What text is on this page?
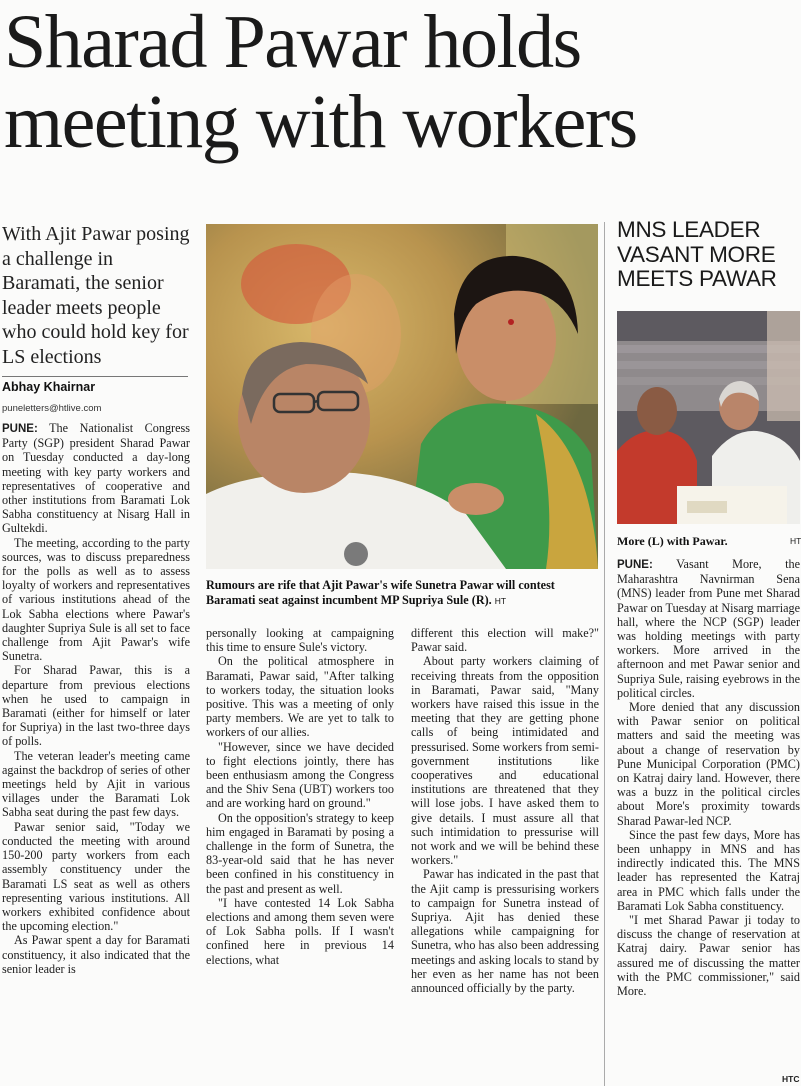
Sharad Pawar holds
meeting with workers
With Ajit Pawar posing a challenge in Baramati, the senior leader meets people who could hold key for LS elections
Abhay Khairnar
puneletters@htlive.com

PUNE: The Nationalist Congress Party (SGP) president Sharad Pawar on Tuesday conducted a day-long meeting with key party workers and representatives of cooperative and other institutions from Baramati Lok Sabha constituency at Nisarg Hall in Gultekdi.

The meeting, according to the party sources, was to discuss preparedness for the polls as well as to assess loyalty of workers and representatives of various institutions ahead of the Lok Sabha elections where Pawar's daughter Supriya Sule is all set to face challenge from Ajit Pawar's wife Sunetra.

For Sharad Pawar, this is a departure from previous elections when he used to campaign in Baramati (either for himself or later for Supriya) in the last two-three days of polls.

The veteran leader's meeting came against the backdrop of series of other meetings held by Ajit in various villages under the Baramati Lok Sabha seat during the past few days.

Pawar senior said, "Today we conducted the meeting with around 150-200 party workers from each assembly constituency under the Baramati LS seat as well as others representing various institutions. All workers exhibited confidence about the upcoming election."

As Pawar spent a day for Baramati constituency, it also indicated that the senior leader is

Rumours are rife that Ajit Pawar's wife Sunetra Pawar will contest Baramati seat against incumbent MP Supriya Sule (R). HT

personally looking at campaigning this time to ensure Sule's victory.

On the political atmosphere in Baramati, Pawar said, "After talking to workers today, the situation looks positive. This was a meeting of only party members. We are yet to talk to workers of our allies.

"However, since we have decided to fight elections jointly, there has been enthusiasm among the Congress and the Shiv Sena (UBT) workers too and are working hard on ground."

On the opposition's strategy to keep him engaged in Baramati by posing a challenge in the form of Sunetra, the 83-year-old said that he has never been confined in his constituency in the past and present as well.

"I have contested 14 Lok Sabha elections and among them seven were of Lok Sabha polls. If I wasn't confined here in previous 14 elections, what

different this election will make?" Pawar said.

About party workers claiming of receiving threats from the opposition in Baramati, Pawar said, "Many workers have raised this issue in the meeting that they are getting phone calls of being intimidated and pressurised. Some workers from semi-government institutions like cooperatives and educational institutions are threatened that they will lose jobs. I have asked them to give details. I must assure all that such intimidation to pressurise will not work and we will be behind these workers."

Pawar has indicated in the past that the Ajit camp is pressurising workers to campaign for Sunetra instead of Supriya. Ajit has denied these allegations while campaigning for Sunetra, who has also been addressing meetings and asking locals to stand by her even as her name has not been announced officially by the party.

MNS LEADER
VASANT MORE
MEETS PAWAR
More (L) with Pawar.	HT

PUNE: Vasant More, the Maharashtra Navnirman Sena (MNS) leader from Pune met Sharad Pawar on Tuesday at Nisarg marriage hall, where the NCP (SGP) leader was holding meetings with party workers. More arrived in the afternoon and met Pawar senior and Supriya Sule, raising eyebrows in the political circles.

More denied that any discussion with Pawar senior on political matters and said the meeting was about a change of reservation by Pune Municipal Corporation (PMC) on Katraj dairy land. However, there was a buzz in the political circles about More's proximity towards Sharad Pawar-led NCP.

Since the past few days, More has been unhappy in MNS and has indirectly indicated this. The MNS leader has represented the Katraj area in PMC which falls under the Baramati Lok Sabha constituency.

"I met Sharad Pawar ji today to discuss the change of reservation at Katraj dairy. Pawar senior has assured me of discussing the matter with the PMC commissioner," said More.

HTC
